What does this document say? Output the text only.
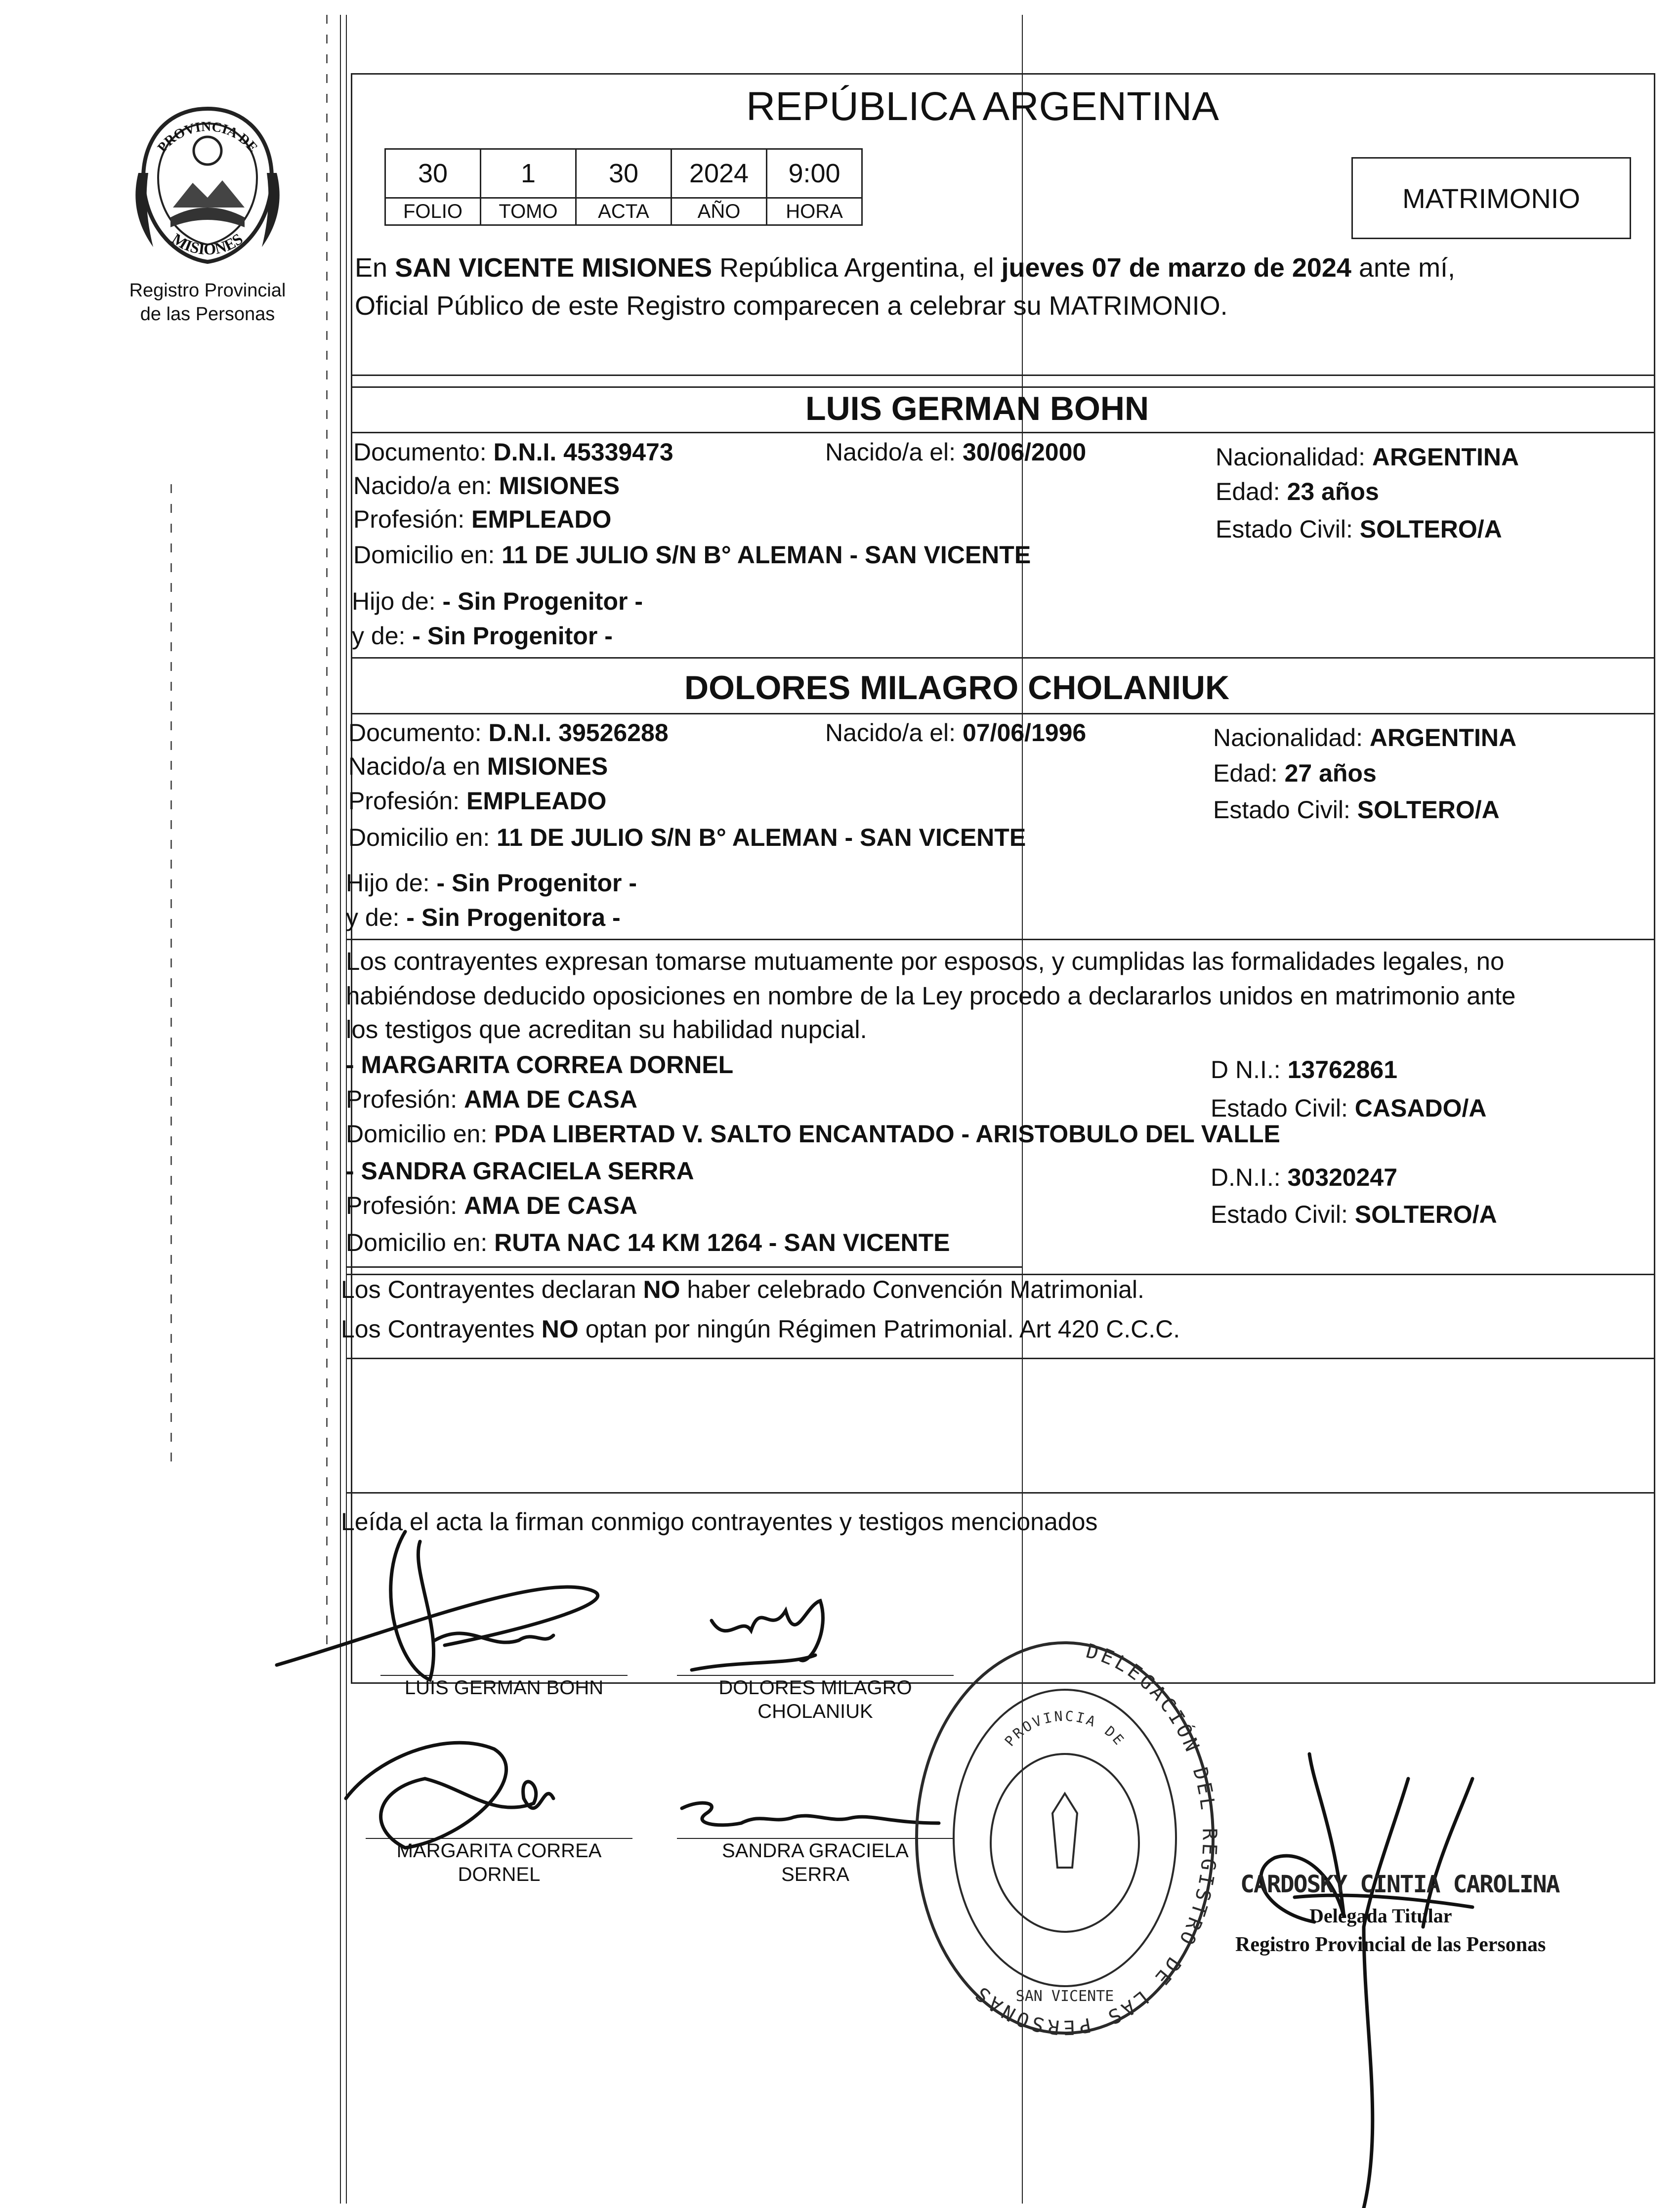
PROVINCIA DE
MISIONES
Registro Provincial
de las Personas
REPÚBLICA ARGENTINA
30	1	30	2024	9:00
FOLIO	TOMO	ACTA	AÑO	HORA	MATRIMONIO
En SAN VICENTE MISIONES República Argentina, el jueves 07 de marzo de 2024 ante mí,
Oficial Público de este Registro comparecen a celebrar su MATRIMONIO.
LUIS GERMAN BOHN
Documento: D.N.I. 45339473	Nacido/a el: 30/06/2000	Nacionalidad: ARGENTINA
Nacido/a en: MISIONES	Edad: 23 años
Profesión: EMPLEADO	Estado Civil: SOLTERO/A
Domicilio en: 11 DE JULIO S/N B° ALEMAN - SAN VICENTE
Hijo de: - Sin Progenitor -
y de: - Sin Progenitor -
DOLORES MILAGRO CHOLANIUK
Documento: D.N.I. 39526288	Nacido/a el: 07/06/1996	Nacionalidad: ARGENTINA
Nacido/a en MISIONES	Edad: 27 años
Profesión: EMPLEADO	Estado Civil: SOLTERO/A
Domicilio en: 11 DE JULIO S/N B° ALEMAN - SAN VICENTE
Hijo de: - Sin Progenitor -
y de: - Sin Progenitora -
Los contrayentes expresan tomarse mutuamente por esposos, y cumplidas las formalidades legales, no
habiéndose deducido oposiciones en nombre de la Ley procedo a declararlos unidos en matrimonio ante
los testigos que acreditan su habilidad nupcial.
- MARGARITA CORREA DORNEL	D N.I.: 13762861
Profesión: AMA DE CASA	Estado Civil: CASADO/A
Domicilio en: PDA LIBERTAD V. SALTO ENCANTADO - ARISTOBULO DEL VALLE
- SANDRA GRACIELA SERRA	D.N.I.: 30320247
Profesión: AMA DE CASA	Estado Civil: SOLTERO/A
Domicilio en: RUTA NAC 14 KM 1264 - SAN VICENTE
Los Contrayentes declaran NO haber celebrado Convención Matrimonial.
Los Contrayentes NO optan por ningún Régimen Patrimonial. Art 420 C.C.C.
Leída el acta la firman conmigo contrayentes y testigos mencionados
LUIS GERMAN BOHN	DOLORES MILAGRO
CHOLANIUK
MARGARITA CORREA
DORNEL
SANDRA GRACIELA
SERRA
DELEGACIÓN DEL REGISTRO DE LAS PERSONAS
PROVINCIA DE
SAN VICENTE
CARDOSKY CINTIA CAROLINA
Delegada Titular
Registro Provincial de las Personas
